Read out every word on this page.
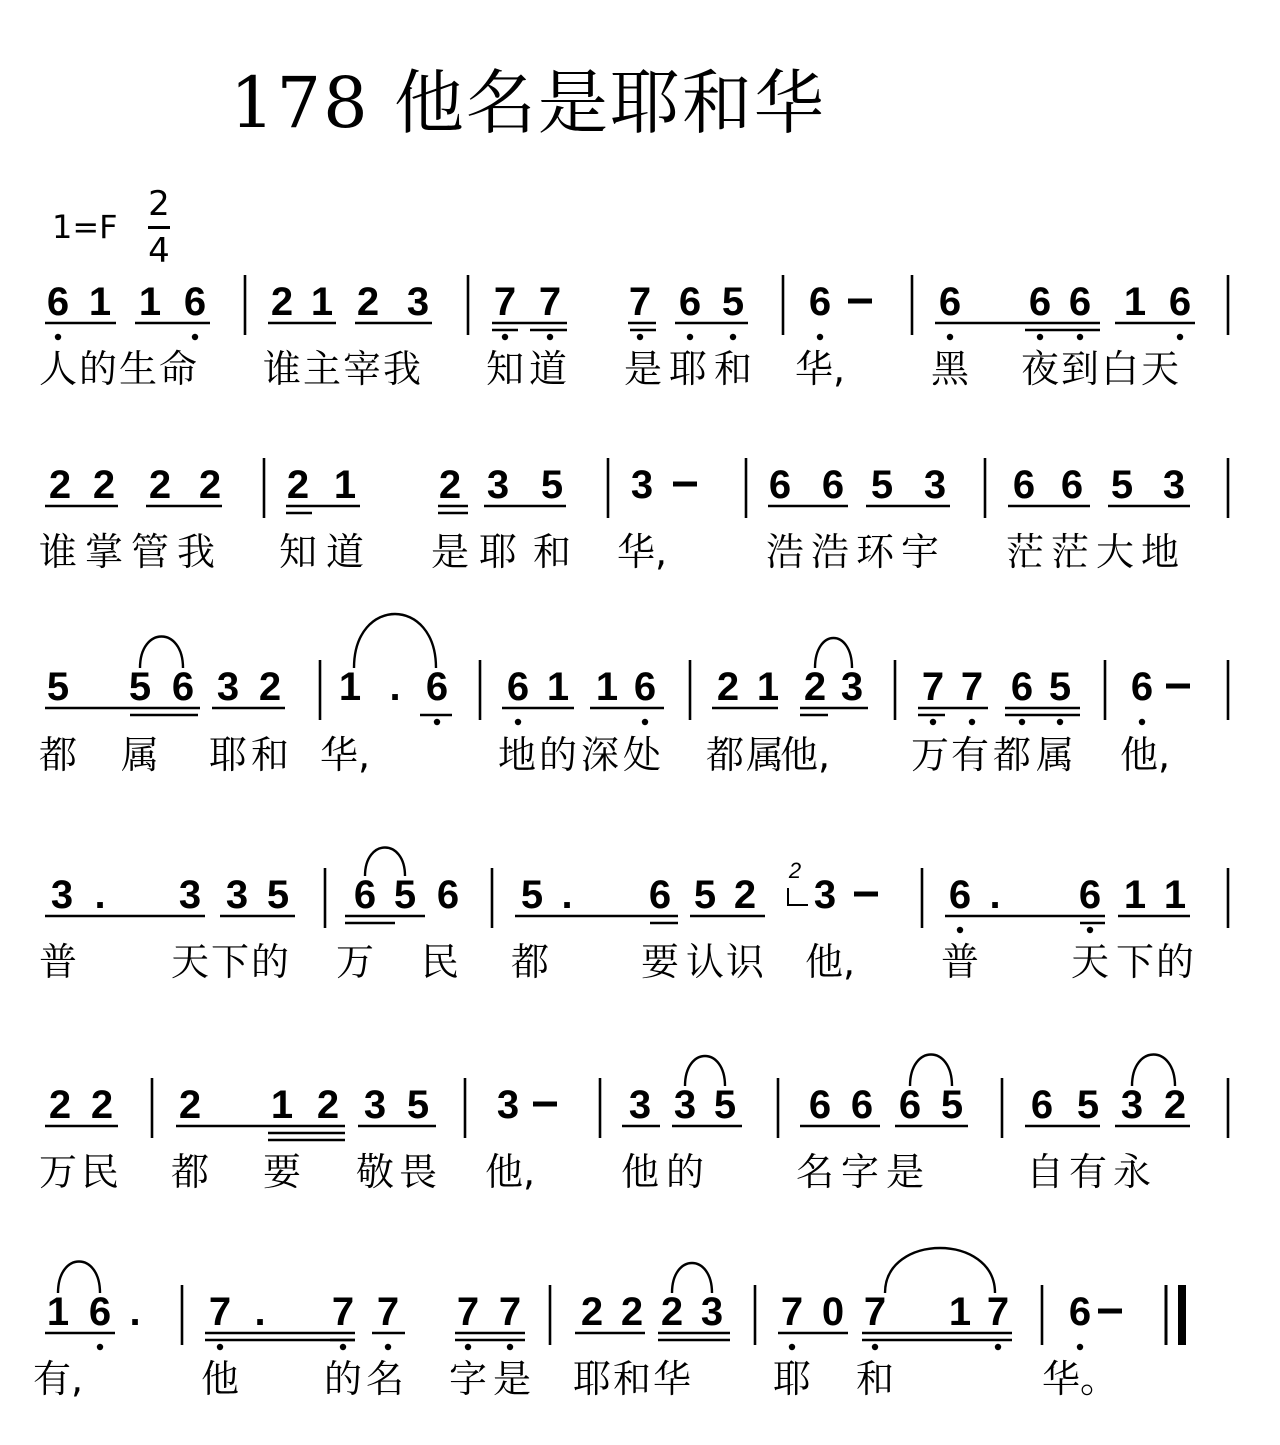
178 他名是耶和华
1=F
2
4
6 1 1 6 2 1 2 3 7 7 7 6 5 6	6 6 6 1 6
人 的 生 命 谁 主 宰 我 知 道 是 耶 和 华, 黑 夜 到 白 天
2 2 2 2 2 1 2 3 5 3	6 6 5 3 6 6 5 3
谁 掌 管 我 知 道 是 耶 和 华,	浩 浩 环 宇 茫 茫 大 地
5 5 6 3 2 1 . 6 6 1 1 6 2 1 2 3 7 7 6 5 6
都 属 耶 和 华,	地 的 深 处 都 属
他, 万 有 都 属 他,
3 . 3 3 5 6 5 6 5 . 6 5 2 3	6 . 6 1 1
普 天 下 的 万 民 都 要 认 识 他, 普 天 下 的
2 2 2 1 2 3 5 3	3 3 5 6 6 6 5 6 5 3 2
万 民 都 要 敬 畏 他, 他 的 名 字 是	自 有 永
1 6 . 7 . 7 7 7 7 2 2 2 3 7 0 7 1 7 6
有,	他 的 名 字 是 耶 和 华 耶 和	华。
2
